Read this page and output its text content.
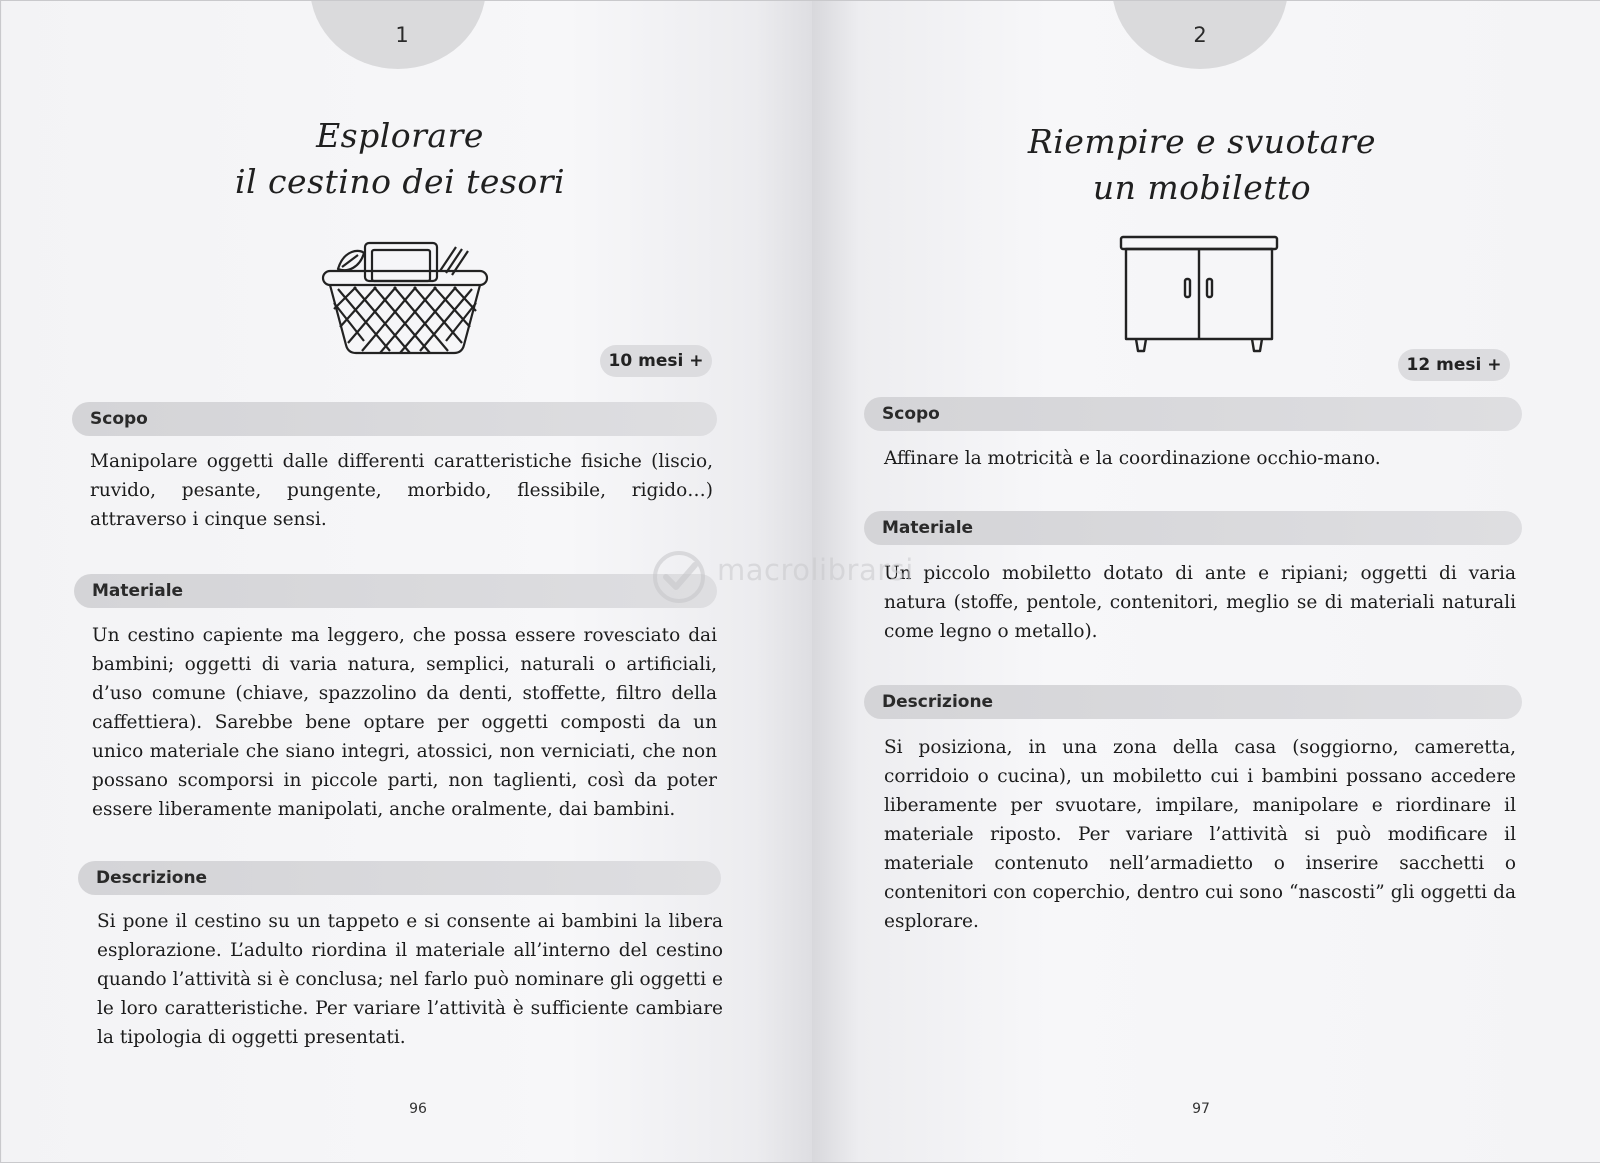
1
Esplorare
il cestino dei tesori
10 mesi +
Scopo
Manipolare oggetti dalle differenti caratteristiche fisiche (liscio, ruvido, pesante, pungente, morbido, flessibile, rigido…) attraverso i cinque sensi.
Materiale
Un cestino capiente ma leggero, che possa essere rovesciato dai bambini; oggetti di varia natura, semplici, naturali o artificiali, d’uso comune (chiave, spazzolino da denti, stoffette, filtro della caffettiera). Sarebbe bene optare per oggetti composti da un unico materiale che siano integri, atossici, non verniciati, che non possano scomporsi in piccole parti, non taglienti, così da poter essere liberamente manipolati, anche oralmente, dai bambini.
Descrizione
Si pone il cestino su un tappeto e si consente ai bambini la libera esplorazione. L’adulto riordina il materiale all’interno del cestino quando l’attività si è conclusa; nel farlo può nominare gli oggetti e le loro caratteristiche. Per variare l’attività è sufficiente cambiare la tipologia di oggetti presentati.
96
2
Riempire e svuotare
un mobiletto
12 mesi +
Scopo
Affinare la motricità e la coordinazione occhio-mano.
Materiale
Un piccolo mobiletto dotato di ante e ripiani; oggetti di varia natura (stoffe, pentole, contenitori, meglio se di materiali naturali come legno o metallo).
Descrizione
Si posiziona, in una zona della casa (soggiorno, cameretta, corridoio o cucina), un mobiletto cui i bambini possano accedere liberamente per svuotare, impilare, manipolare e riordinare il materiale riposto. Per variare l’attività si può modificare il materiale contenuto nell’armadietto o inserire sacchetti o contenitori con coperchio, dentro cui sono “nascosti” gli oggetti da esplorare.
97
macrolibrarsi
